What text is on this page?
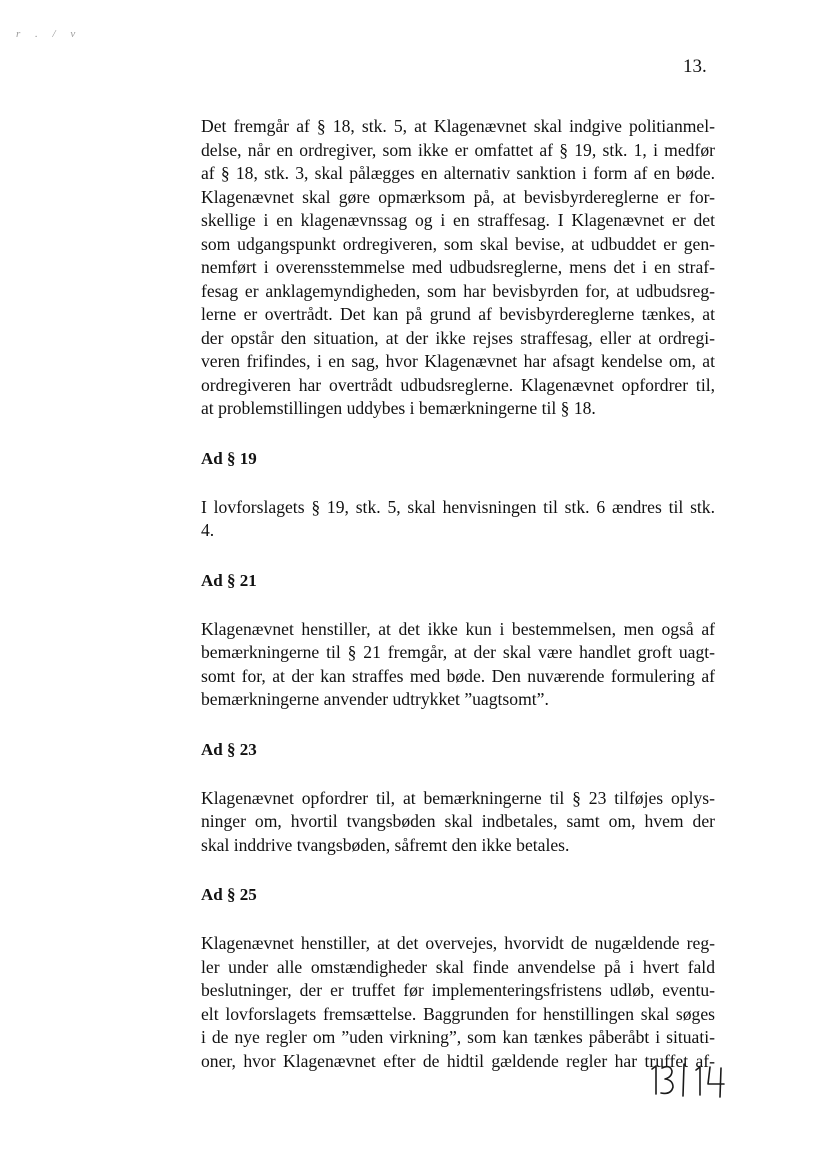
r . / v
13.
Det fremgår af § 18, stk. 5, at Klagenævnet skal indgive politianmel-
delse, når en ordregiver, som ikke er omfattet af § 19, stk. 1, i medfør
af § 18, stk. 3, skal pålægges en alternativ sanktion i form af en bøde.
Klagenævnet skal gøre opmærksom på, at bevisbyrdereglerne er for-
skellige i en klagenævnssag og i en straffesag. I Klagenævnet er det
som udgangspunkt ordregiveren, som skal bevise, at udbuddet er gen-
nemført i overensstemmelse med udbudsreglerne, mens det i en straf-
fesag er anklagemyndigheden, som har bevisbyrden for, at udbudsreg-
lerne er overtrådt. Det kan på grund af bevisbyrdereglerne tænkes, at
der opstår den situation, at der ikke rejses straffesag, eller at ordregi-
veren frifindes, i en sag, hvor Klagenævnet har afsagt kendelse om, at
ordregiveren har overtrådt udbudsreglerne. Klagenævnet opfordrer til,
at problemstillingen uddybes i bemærkningerne til § 18.
Ad § 19
I lovforslagets § 19, stk. 5, skal henvisningen til stk. 6 ændres til stk.
4.
Ad § 21
Klagenævnet henstiller, at det ikke kun i bestemmelsen, men også af
bemærkningerne til § 21 fremgår, at der skal være handlet groft uagt-
somt for, at der kan straffes med bøde. Den nuværende formulering af
bemærkningerne anvender udtrykket ”uagtsomt”.
Ad § 23
Klagenævnet opfordrer til, at bemærkningerne til § 23 tilføjes oplys-
ninger om, hvortil tvangsbøden skal indbetales, samt om, hvem der
skal inddrive tvangsbøden, såfremt den ikke betales.
Ad § 25
Klagenævnet henstiller, at det overvejes, hvorvidt de nugældende reg-
ler under alle omstændigheder skal finde anvendelse på i hvert fald
beslutninger, der er truffet før implementeringsfristens udløb, eventu-
elt lovforslagets fremsættelse. Baggrunden for henstillingen skal søges
i de nye regler om ”uden virkning”, som kan tænkes påberåbt i situati-
oner, hvor Klagenævnet efter de hidtil gældende regler har truffet af-
